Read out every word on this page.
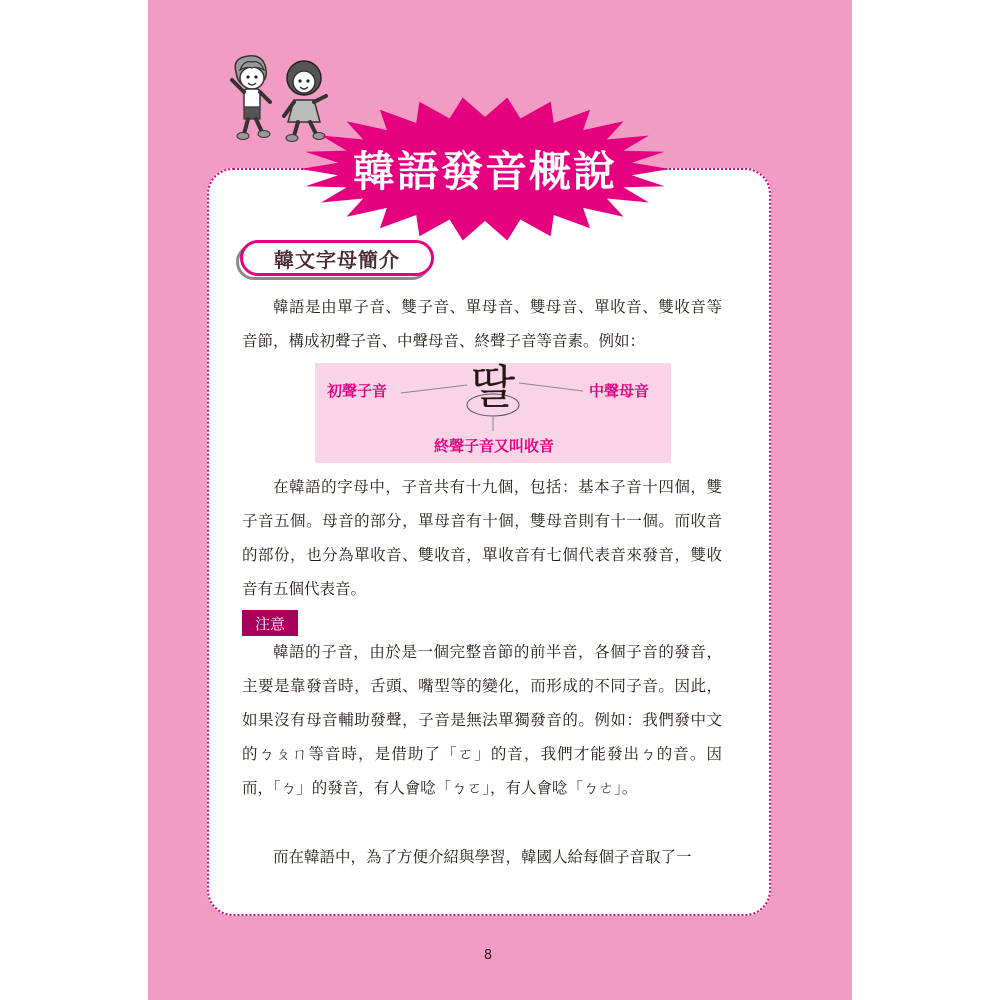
韓語發音概說
韓文字母簡介

韓語是由單子音、雙子音、單母音、雙母音、單收音、雙收音等音節，構成初聲子音、中聲母音、終聲子音等音素。例如：

初聲子音	딸	中聲母音
終聲子音又叫收音

在韓語的字母中，子音共有十九個，包括：基本子音十四個，雙子音五個。母音的部分，單母音有十個，雙母音則有十一個。而收音的部份，也分為單收音、雙收音，單收音有七個代表音來發音，雙收音有五個代表音。

注意

韓語的子音，由於是一個完整音節的前半音，各個子音的發音，主要是靠發音時，舌頭、嘴型等的變化，而形成的不同子音。因此，如果沒有母音輔助發聲，子音是無法單獨發音的。例如：我們發中文的ㄅㄆㄇ等音時，是借助了「ㄛ」的音，我們才能發出ㄅ的音。因而，「ㄅ」的發音，有人會唸「ㄅㄛ」，有人會唸「ㄅㄜ」。

而在韓語中，為了方便介紹與學習，韓國人給每個子音取了一

8
